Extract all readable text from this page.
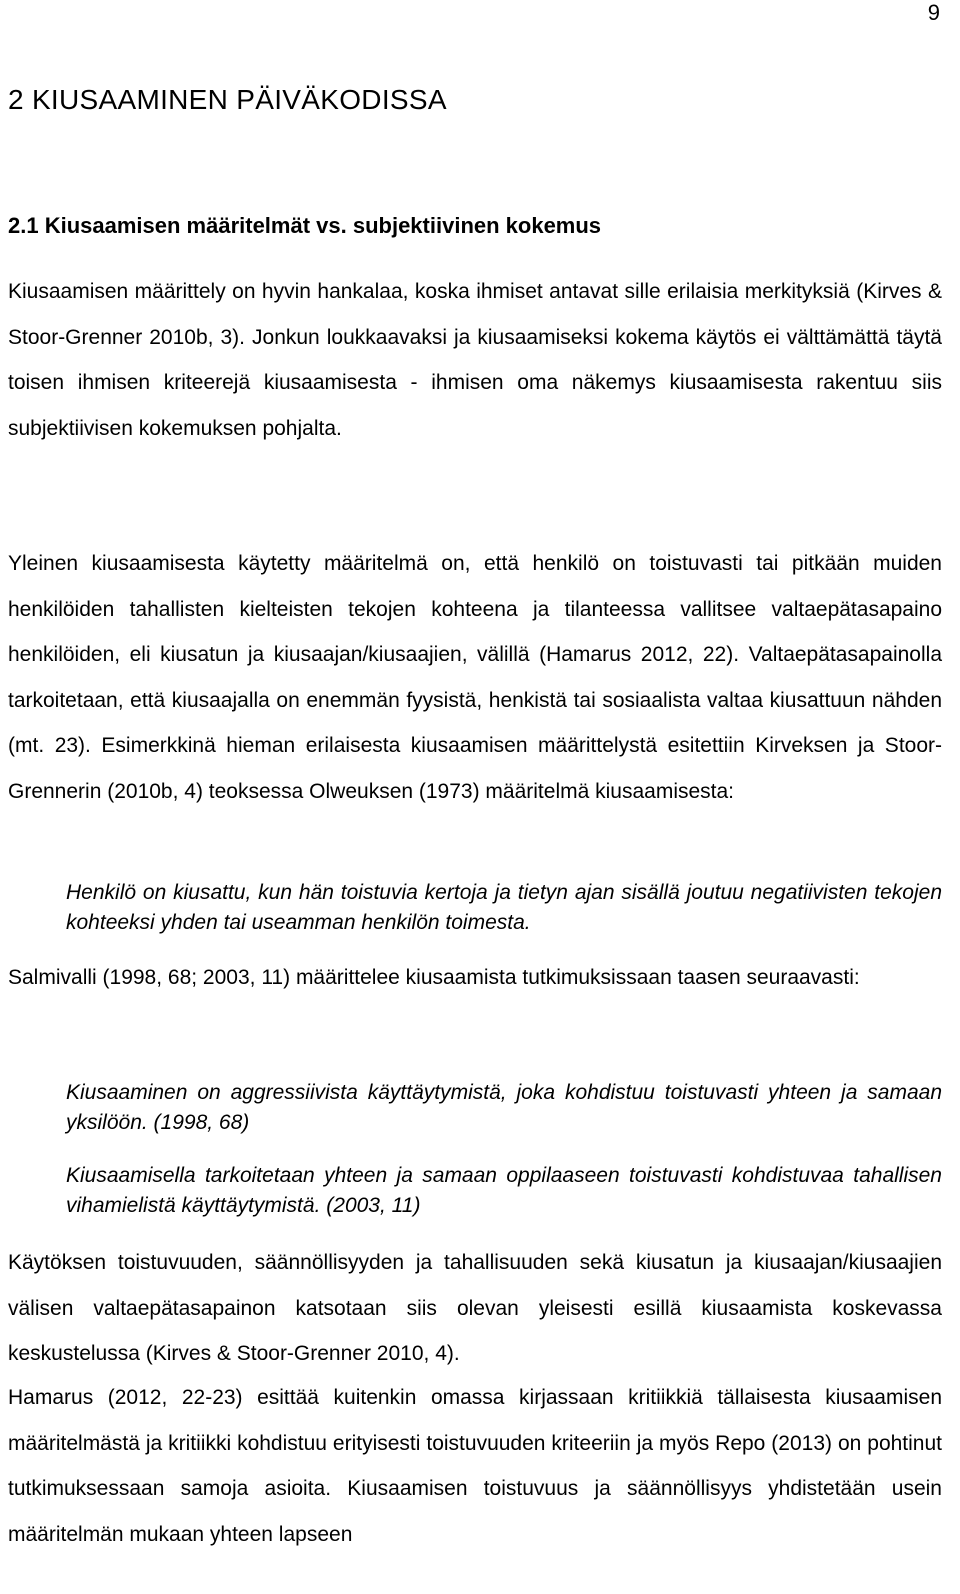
9
2 KIUSAAMINEN PÄIVÄKODISSA
2.1 Kiusaamisen määritelmät vs. subjektiivinen kokemus

Kiusaamisen määrittely on hyvin hankalaa, koska ihmiset antavat sille erilaisia merkityksiä (Kirves & Stoor-Grenner 2010b, 3). Jonkun loukkaavaksi ja kiusaamiseksi kokema käytös ei välttämättä täytä toisen ihmisen kriteerejä kiusaamisesta - ihmisen oma näkemys kiusaamisesta rakentuu siis subjektiivisen kokemuksen pohjalta.

Yleinen kiusaamisesta käytetty määritelmä on, että henkilö on toistuvasti tai pitkään muiden henkilöiden tahallisten kielteisten tekojen kohteena ja tilanteessa vallitsee valtaepätasapaino henkilöiden, eli kiusatun ja kiusaajan/kiusaajien, välillä (Hamarus 2012, 22). Valtaepätasapainolla tarkoitetaan, että kiusaajalla on enemmän fyysistä, henkistä tai sosiaalista valtaa kiusattuun nähden (mt. 23). Esimerkkinä hieman erilaisesta kiusaamisen määrittelystä esitettiin Kirveksen ja Stoor-Grennerin (2010b, 4) teoksessa Olweuksen (1973) määritelmä kiusaamisesta:

Henkilö on kiusattu, kun hän toistuvia kertoja ja tietyn ajan sisällä joutuu negatiivisten tekojen kohteeksi yhden tai useamman henkilön toimesta.

Salmivalli (1998, 68; 2003, 11) määrittelee kiusaamista tutkimuksissaan taasen seuraavasti:

Kiusaaminen on aggressiivista käyttäytymistä, joka kohdistuu toistuvasti yhteen ja samaan yksilöön. (1998, 68)

Kiusaamisella tarkoitetaan yhteen ja samaan oppilaaseen toistuvasti kohdistuvaa tahallisen vihamielistä käyttäytymistä. (2003, 11)

Käytöksen toistuvuuden, säännöllisyyden ja tahallisuuden sekä kiusatun ja kiusaajan/kiusaajien välisen valtaepätasapainon katsotaan siis olevan yleisesti esillä kiusaamista koskevassa keskustelussa (Kirves & Stoor-Grenner 2010, 4).

Hamarus (2012, 22-23) esittää kuitenkin omassa kirjassaan kritiikkiä tällaisesta kiusaamisen määritelmästä ja kritiikki kohdistuu erityisesti toistuvuuden kriteeriin ja myös Repo (2013) on pohtinut tutkimuksessaan samoja asioita. Kiusaamisen toistuvuus ja säännöllisyys yhdistetään usein määritelmän mukaan yhteen lapseen
